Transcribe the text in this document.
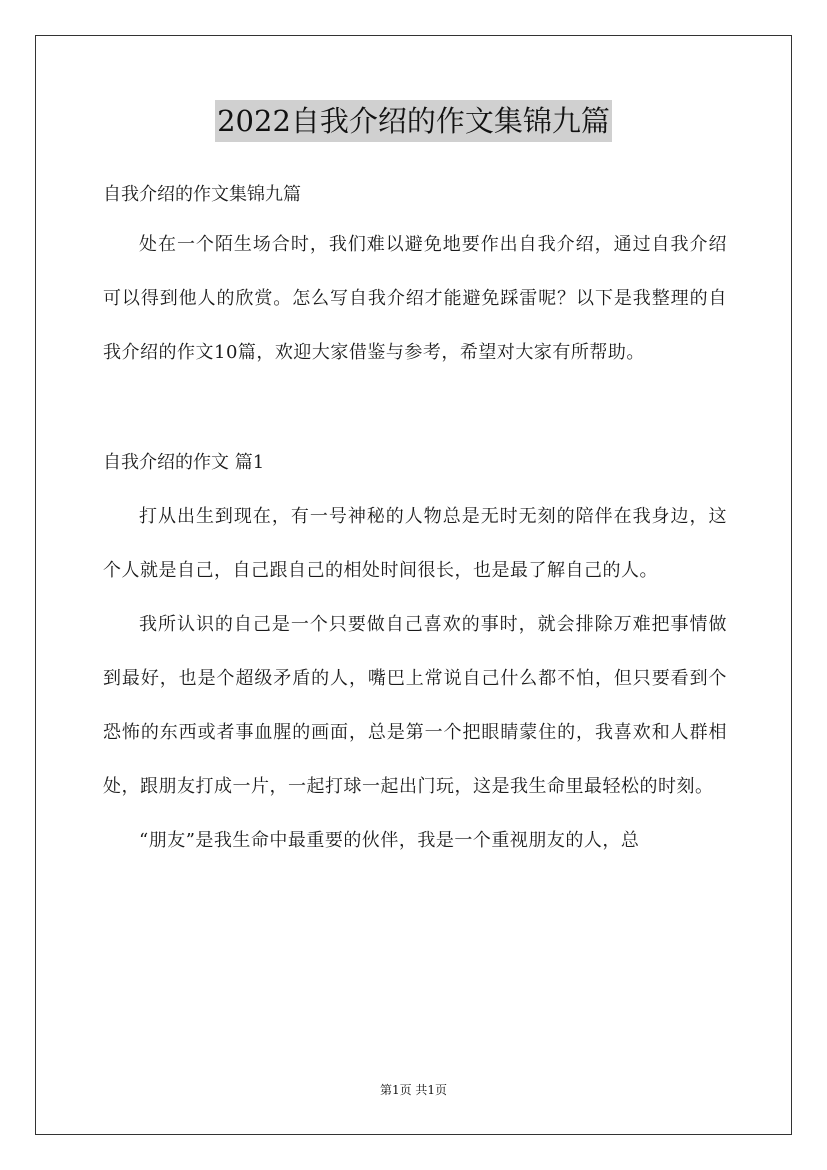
2022自我介绍的作文集锦九篇

自我介绍的作文集锦九篇

处在一个陌生场合时，我们难以避免地要作出自我介绍，通过自我介绍可以得到他人的欣赏。怎么写自我介绍才能避免踩雷呢？以下是我整理的自我介绍的作文10篇，欢迎大家借鉴与参考，希望对大家有所帮助。

自我介绍的作文 篇1

打从出生到现在，有一号神秘的人物总是无时无刻的陪伴在我身边，这个人就是自己，自己跟自己的相处时间很长，也是最了解自己的人。

我所认识的自己是一个只要做自己喜欢的事时，就会排除万难把事情做到最好，也是个超级矛盾的人，嘴巴上常说自己什么都不怕，但只要看到个恐怖的东西或者事血腥的画面，总是第一个把眼睛蒙住的，我喜欢和人群相处，跟朋友打成一片，一起打球一起出门玩，这是我生命里最轻松的时刻。

“朋友”是我生命中最重要的伙伴，我是一个重视朋友的人，总

第1页 共1页
